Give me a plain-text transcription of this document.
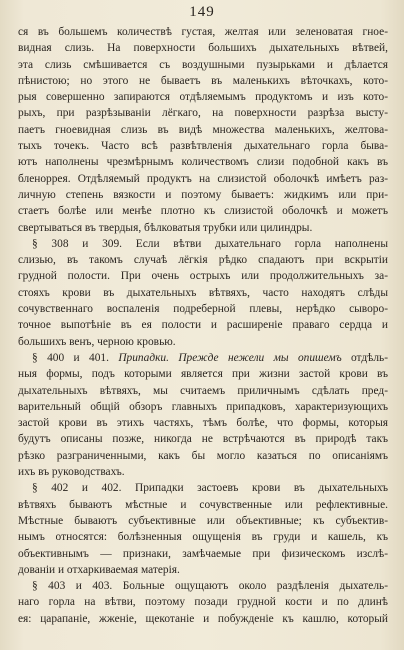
149
ся въ большемъ количествѣ густая, желтая или зеленоватая гное-
видная слизь. На поверхности большихъ дыхательныхъ вѣтвей,
эта слизь смѣшивается съ воздушными пузырьками и дѣлается
пѣнистою; но этого не бываетъ въ маленькихъ вѣточкахъ, кото-
рыя совершенно запираются отдѣляемымъ продуктомъ и изъ кото-
рыхъ, при разрѣзываніи лёгкаго, на поверхности разрѣза высту-
паетъ гноевидная слизь въ видѣ множества маленькихъ, желтова-
тыхъ точекъ. Часто всѣ развѣтвленія дыхательнаго горла быва-
ютъ наполнены чрезмѣрнымъ количествомъ слизи подобной какъ въ
бленоррея. Отдѣляемый продуктъ на слизистой оболочкѣ имѣетъ раз-
личную степень вязкости и поэтому бываетъ: жидкимъ или при-
стаетъ болѣе или менѣе плотно къ слизистой оболочкѣ и можетъ
свертываться въ твердыя, бѣлковатыя трубки или цилиндры.
§ 308 и 309. Если вѣтви дыхательнаго горла наполнены
слизью, въ такомъ случаѣ лёгкія рѣдко спадаютъ при вскрытіи
грудной полости. При очень острыхъ или продолжительныхъ за-
стояхъ крови въ дыхательныхъ вѣтвяхъ, часто находятъ слѣды
сочувственнаго воспаленія подреберной плевы, нерѣдко сыворо-
точное выпотѣніе въ ея полости и расширеніе праваго сердца и
большихъ венъ, черною кровью.
§ 400 и 401. Припадки. Прежде нежели мы опишемъ отдѣль-
ныя формы, подъ которыми является при жизни застой крови въ
дыхательныхъ вѣтвяхъ, мы считаемъ приличнымъ сдѣлать пред-
варительный общій обзоръ главныхъ припадковъ, характеризующихъ
застой крови въ этихъ частяхъ, тѣмъ болѣе, что формы, которыя
будутъ описаны позже, никогда не встрѣчаются въ природѣ такъ
рѣзко разграниченными, какъ бы могло казаться по описаніямъ
ихъ въ руководствахъ.
§ 402 и 402. Припадки застоевъ крови въ дыхательныхъ
вѣтвяхъ бываютъ мѣстные и сочувственные или рефлективные.
Мѣстные бываютъ субъективные или объективные; къ субъектив-
нымъ относятся: болѣзненныя ощущенія въ груди и кашель, къ
объективнымъ — признаки, замѣчаемые при физическомъ изслѣ-
дованіи и отхаркиваемая матерія.
§ 403 и 403. Больные ощущаютъ около раздѣленія дыхатель-
наго горла на вѣтви, поэтому позади грудной кости и по длинѣ
ея: царапаніе, жженіе, щекотаніе и побужденіе къ кашлю, который
